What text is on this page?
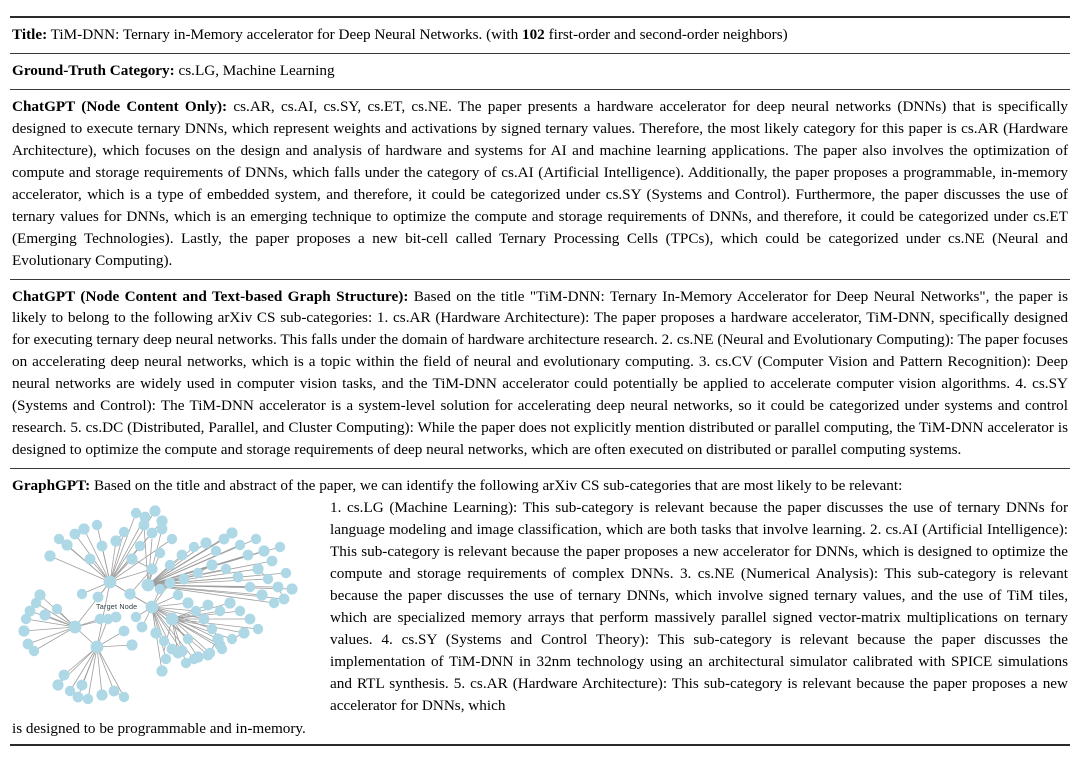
Title: TiM-DNN: Ternary in-Memory accelerator for Deep Neural Networks. (with 102 first-order and second-order neighbors)

Ground-Truth Category: cs.LG, Machine Learning

ChatGPT (Node Content Only): cs.AR, cs.AI, cs.SY, cs.ET, cs.NE. The paper presents a hardware accelerator for deep neural networks (DNNs) that is specifically designed to execute ternary DNNs, which represent weights and activations by signed ternary values. Therefore, the most likely category for this paper is cs.AR (Hardware Architecture), which focuses on the design and analysis of hardware and systems for AI and machine learning applications. The paper also involves the optimization of compute and storage requirements of DNNs, which falls under the category of cs.AI (Artificial Intelligence). Additionally, the paper proposes a programmable, in-memory accelerator, which is a type of embedded system, and therefore, it could be categorized under cs.SY (Systems and Control). Furthermore, the paper discusses the use of ternary values for DNNs, which is an emerging technique to optimize the compute and storage requirements of DNNs, and therefore, it could be categorized under cs.ET (Emerging Technologies). Lastly, the paper proposes a new bit-cell called Ternary Processing Cells (TPCs), which could be categorized under cs.NE (Neural and Evolutionary Computing).

ChatGPT (Node Content and Text-based Graph Structure): Based on the title "TiM-DNN: Ternary In-Memory Accelerator for Deep Neural Networks", the paper is likely to belong to the following arXiv CS sub-categories: 1. cs.AR (Hardware Architecture): The paper proposes a hardware accelerator, TiM-DNN, specifically designed for executing ternary deep neural networks. This falls under the domain of hardware architecture research. 2. cs.NE (Neural and Evolutionary Computing): The paper focuses on accelerating deep neural networks, which is a topic within the field of neural and evolutionary computing. 3. cs.CV (Computer Vision and Pattern Recognition): Deep neural networks are widely used in computer vision tasks, and the TiM-DNN accelerator could potentially be applied to accelerate computer vision algorithms. 4. cs.SY (Systems and Control): The TiM-DNN accelerator is a system-level solution for accelerating deep neural networks, so it could be categorized under systems and control research. 5. cs.DC (Distributed, Parallel, and Cluster Computing): While the paper does not explicitly mention distributed or parallel computing, the TiM-DNN accelerator is designed to optimize the compute and storage requirements of deep neural networks, which are often executed on distributed or parallel computing systems.

GraphGPT: Based on the title and abstract of the paper, we can identify the following arXiv CS sub-categories that are most likely to be relevant:

Target Node

1. cs.LG (Machine Learning): This sub-category is relevant because the paper discusses the use of ternary DNNs for language modeling and image classification, which are both tasks that involve learning. 2. cs.AI (Artificial Intelligence): This sub-category is relevant because the paper proposes a new accelerator for DNNs, which is designed to optimize the compute and storage requirements of complex DNNs. 3. cs.NE (Numerical Analysis): This sub-category is relevant because the paper discusses the use of ternary DNNs, which involve signed ternary values, and the use of TiM tiles, which are specialized memory arrays that perform massively parallel signed vector-matrix multiplications on ternary values. 4. cs.SY (Systems and Control Theory): This sub-category is relevant because the paper discusses the implementation of TiM-DNN in 32nm technology using an architectural simulator calibrated with SPICE simulations and RTL synthesis. 5. cs.AR (Hardware Architecture): This sub-category is relevant because the paper proposes a new accelerator for DNNs, which

is designed to be programmable and in-memory.
